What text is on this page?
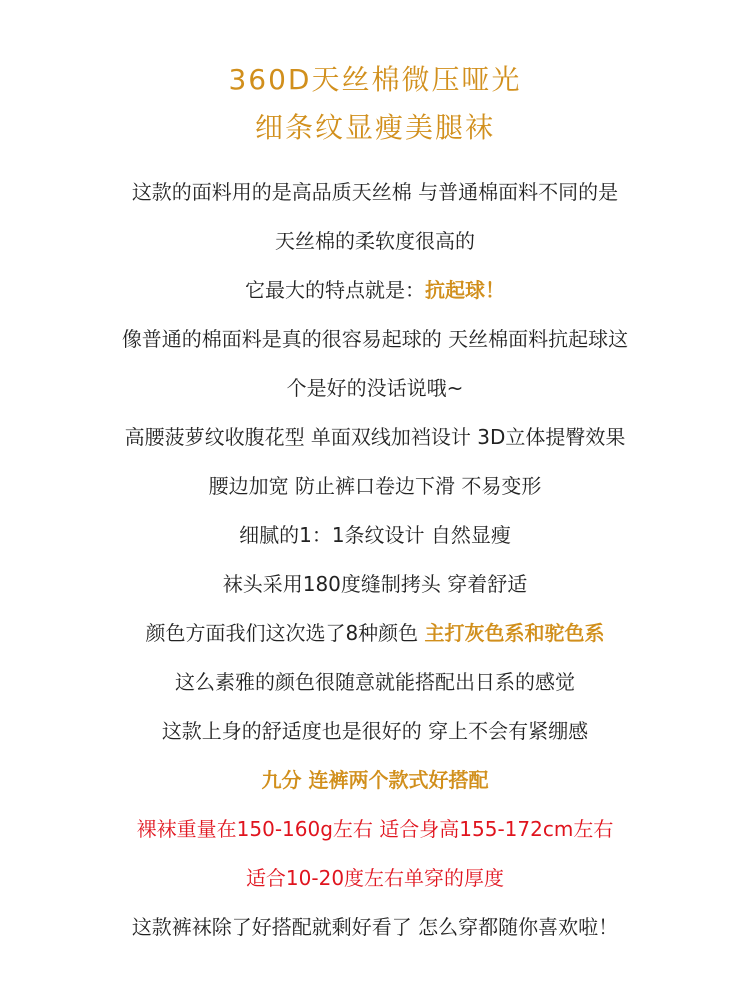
360D天丝棉微压哑光
细条纹显瘦美腿袜
这款的面料用的是高品质天丝棉 与普通棉面料不同的是
天丝棉的柔软度很高的
它最大的特点就是：抗起球！
像普通的棉面料是真的很容易起球的 天丝棉面料抗起球这
个是好的没话说哦~
高腰菠萝纹收腹花型 单面双线加裆设计 3D立体提臀效果
腰边加宽 防止裤口卷边下滑 不易变形
细腻的1：1条纹设计 自然显瘦
袜头采用180度缝制拷头 穿着舒适
颜色方面我们这次选了8种颜色 主打灰色系和驼色系
这么素雅的颜色很随意就能搭配出日系的感觉
这款上身的舒适度也是很好的 穿上不会有紧绷感
九分 连裤两个款式好搭配
裸袜重量在150-160g左右 适合身高155-172cm左右
适合10-20度左右单穿的厚度
这款裤袜除了好搭配就剩好看了 怎么穿都随你喜欢啦！
